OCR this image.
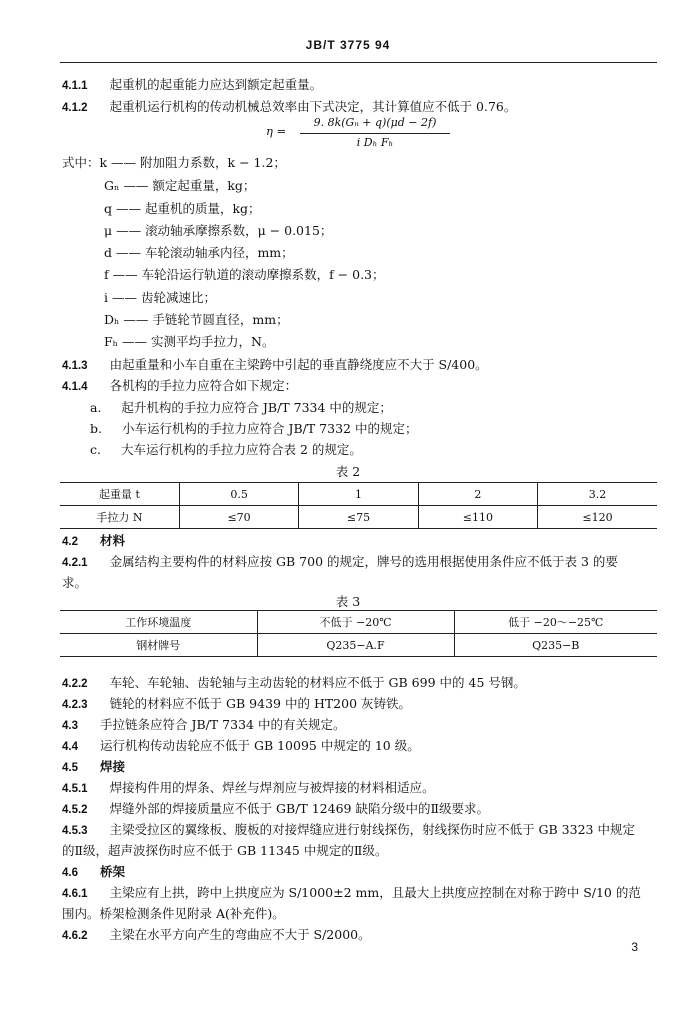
JB/T 3775 94
4.1.1 起重机的起重能力应达到额定起重量。
4.1.2 起重机运行机构的传动机械总效率由下式决定，其计算值应不低于 0.76。
η =
9. 8k(Gₙ + q)(μd − 2f)
i Dₕ Fₕ
式中：k —— 附加阻力系数，k − 1.2；
Gₙ —— 额定起重量，kg；
q —— 起重机的质量，kg；
μ —— 滚动轴承摩擦系数，μ − 0.015；
d —— 车轮滚动轴承内径，mm；
f —— 车轮沿运行轨道的滚动摩擦系数，f − 0.3；
i —— 齿轮减速比；
Dₕ —— 手链轮节圆直径，mm；
Fₕ —— 实测平均手拉力，N。
4.1.3 由起重量和小车自重在主梁跨中引起的垂直静绕度应不大于 S/400。
4.1.4 各机构的手拉力应符合如下规定：
a. 起升机构的手拉力应符合 JB/T 7334 中的规定；
b. 小车运行机构的手拉力应符合 JB/T 7332 中的规定；
c. 大车运行机构的手拉力应符合表 2 的规定。
表 2
起重量 t	0.5	1	2	3.2
手拉力 N	≤70	≤75	≤110	≤120
4.2 材料
4.2.1 金属结构主要构件的材料应按 GB 700 的规定，牌号的选用根据使用条件应不低于表 3 的要
求。
表 3
工作环境温度	不低于 −20℃	低于 −20～−25℃
钢材牌号	Q235−A.F	Q235−B
4.2.2 车轮、车轮轴、齿轮轴与主动齿轮的材料应不低于 GB 699 中的 45 号钢。
4.2.3 链轮的材料应不低于 GB 9439 中的 HT200 灰铸铁。
4.3 手拉链条应符合 JB/T 7334 中的有关规定。
4.4 运行机构传动齿轮应不低于 GB 10095 中规定的 10 级。
4.5 焊接
4.5.1 焊接构件用的焊条、焊丝与焊剂应与被焊接的材料相适应。
4.5.2 焊缝外部的焊接质量应不低于 GB/T 12469 缺陷分级中的Ⅱ级要求。
4.5.3 主梁受拉区的翼缘板、腹板的对接焊缝应进行射线探伤，射线探伤时应不低于 GB 3323 中规定
的Ⅱ级，超声波探伤时应不低于 GB 11345 中规定的Ⅱ级。
4.6 桥架
4.6.1 主梁应有上拱，跨中上拱度应为 S/1000±2 mm，且最大上拱度应控制在对称于跨中 S/10 的范
围内。桥架检测条件见附录 A(补充件)。
4.6.2 主梁在水平方向产生的弯曲应不大于 S/2000。
3
